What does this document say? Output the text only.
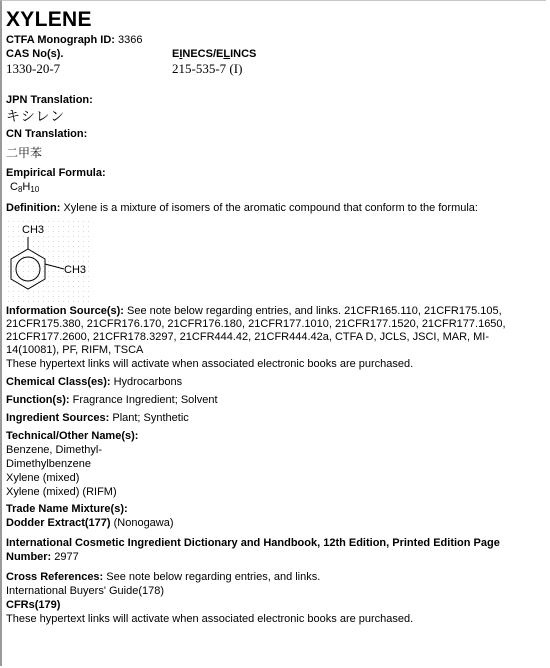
XYLENE
CTFA Monograph ID: 3366
CAS No(s).
1330-20-7
EINECS/ELINCS
215-535-7 (I)
JPN Translation:
キシレン
CN Translation:
二甲苯
Empirical Formula:
$C_8H_{10}$
Definition: Xylene is a mixture of isomers of the aromatic compound that conform to the formula:
CH3
CH3
Information Source(s): See note below regarding entries, and links. 21CFR165.110, 21CFR175.105, 21CFR175.380, 21CFR176.170, 21CFR176.180, 21CFR177.1010, 21CFR177.1520, 21CFR177.1650, 21CFR177.2600, 21CFR178.3297, 21CFR444.42, 21CFR444.42a, CTFA D, JCLS, JSCI, MAR, MI-14(10081), PF, RIFM, TSCA
These hypertext links will activate when associated electronic books are purchased.
Chemical Class(es): Hydrocarbons
Function(s): Fragrance Ingredient; Solvent
Ingredient Sources: Plant; Synthetic
Technical/Other Name(s):
Benzene, Dimethyl-
Dimethylbenzene
Xylene (mixed)
Xylene (mixed) (RIFM)
Trade Name Mixture(s):
Dodder Extract(177) (Nonogawa)
International Cosmetic Ingredient Dictionary and Handbook, 12th Edition, Printed Edition Page Number: 2977
Cross References: See note below regarding entries, and links.
International Buyers' Guide(178)
CFRs(179)
These hypertext links will activate when associated electronic books are purchased.
